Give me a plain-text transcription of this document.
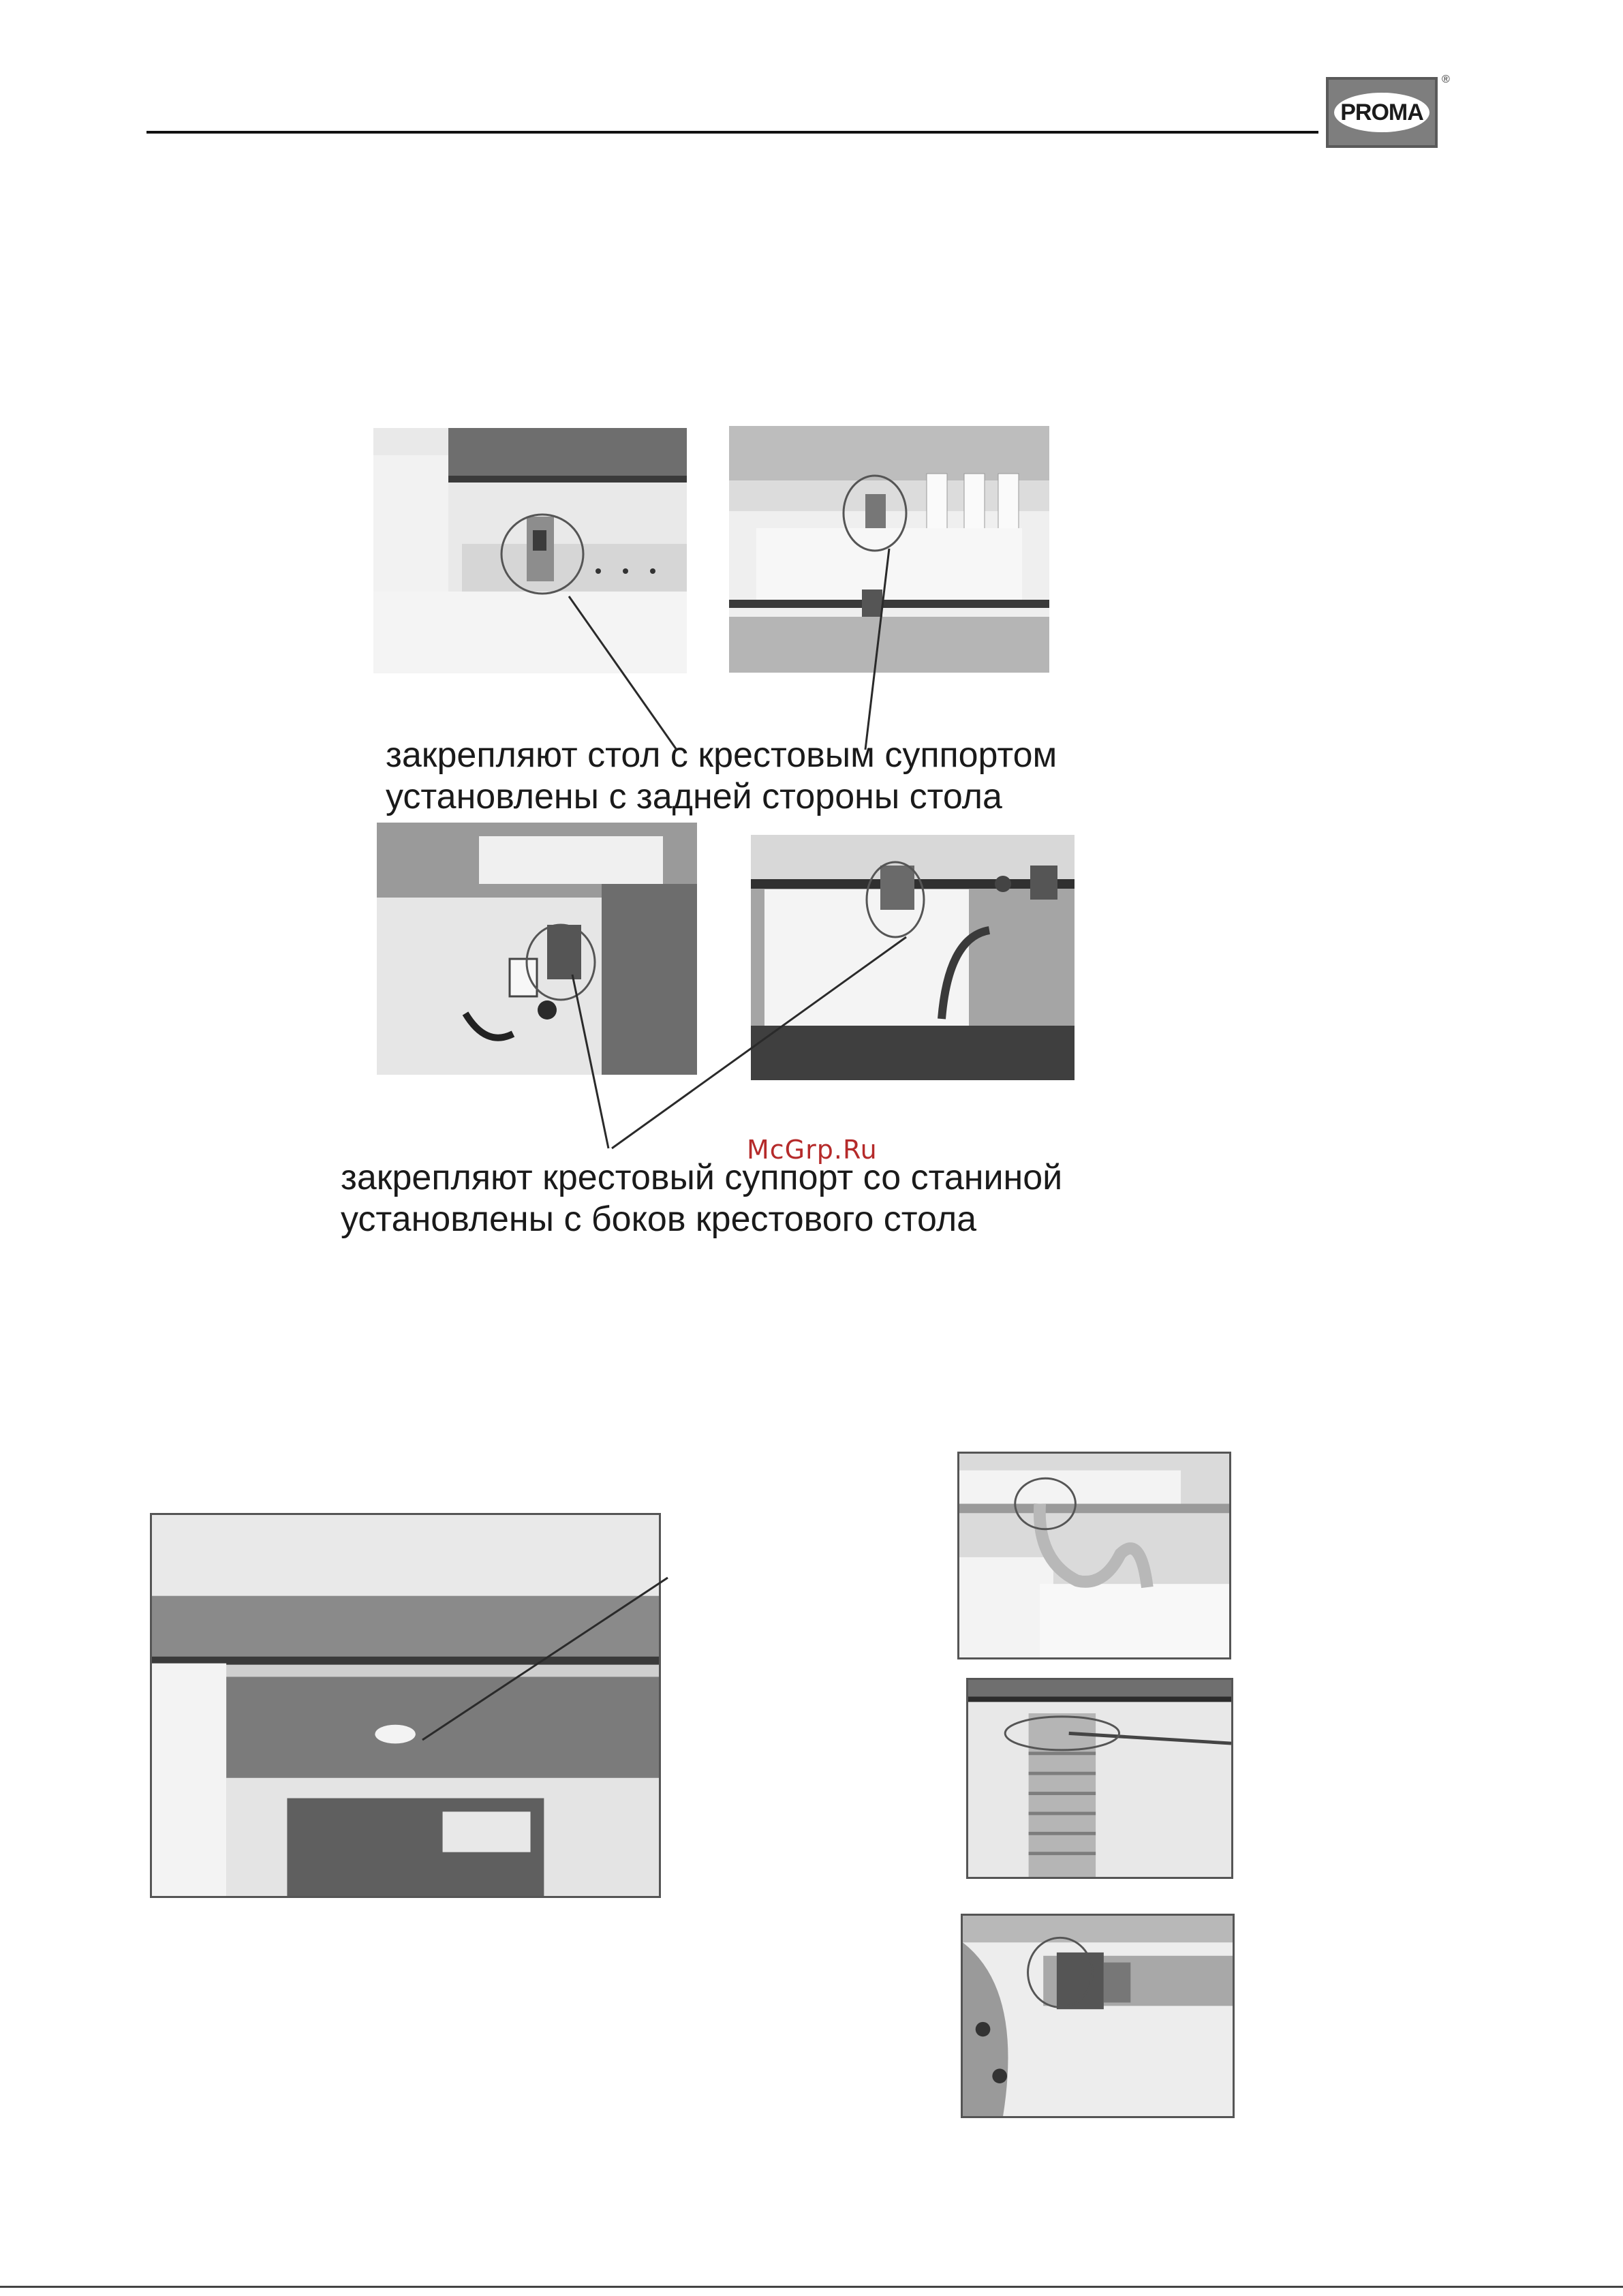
PROMA
®
закрепляют стол с крестовым суппортом
установлены с задней стороны стола
McGrp.Ru
закрепляют крестовый суппорт со станиной
установлены с боков крестового стола
